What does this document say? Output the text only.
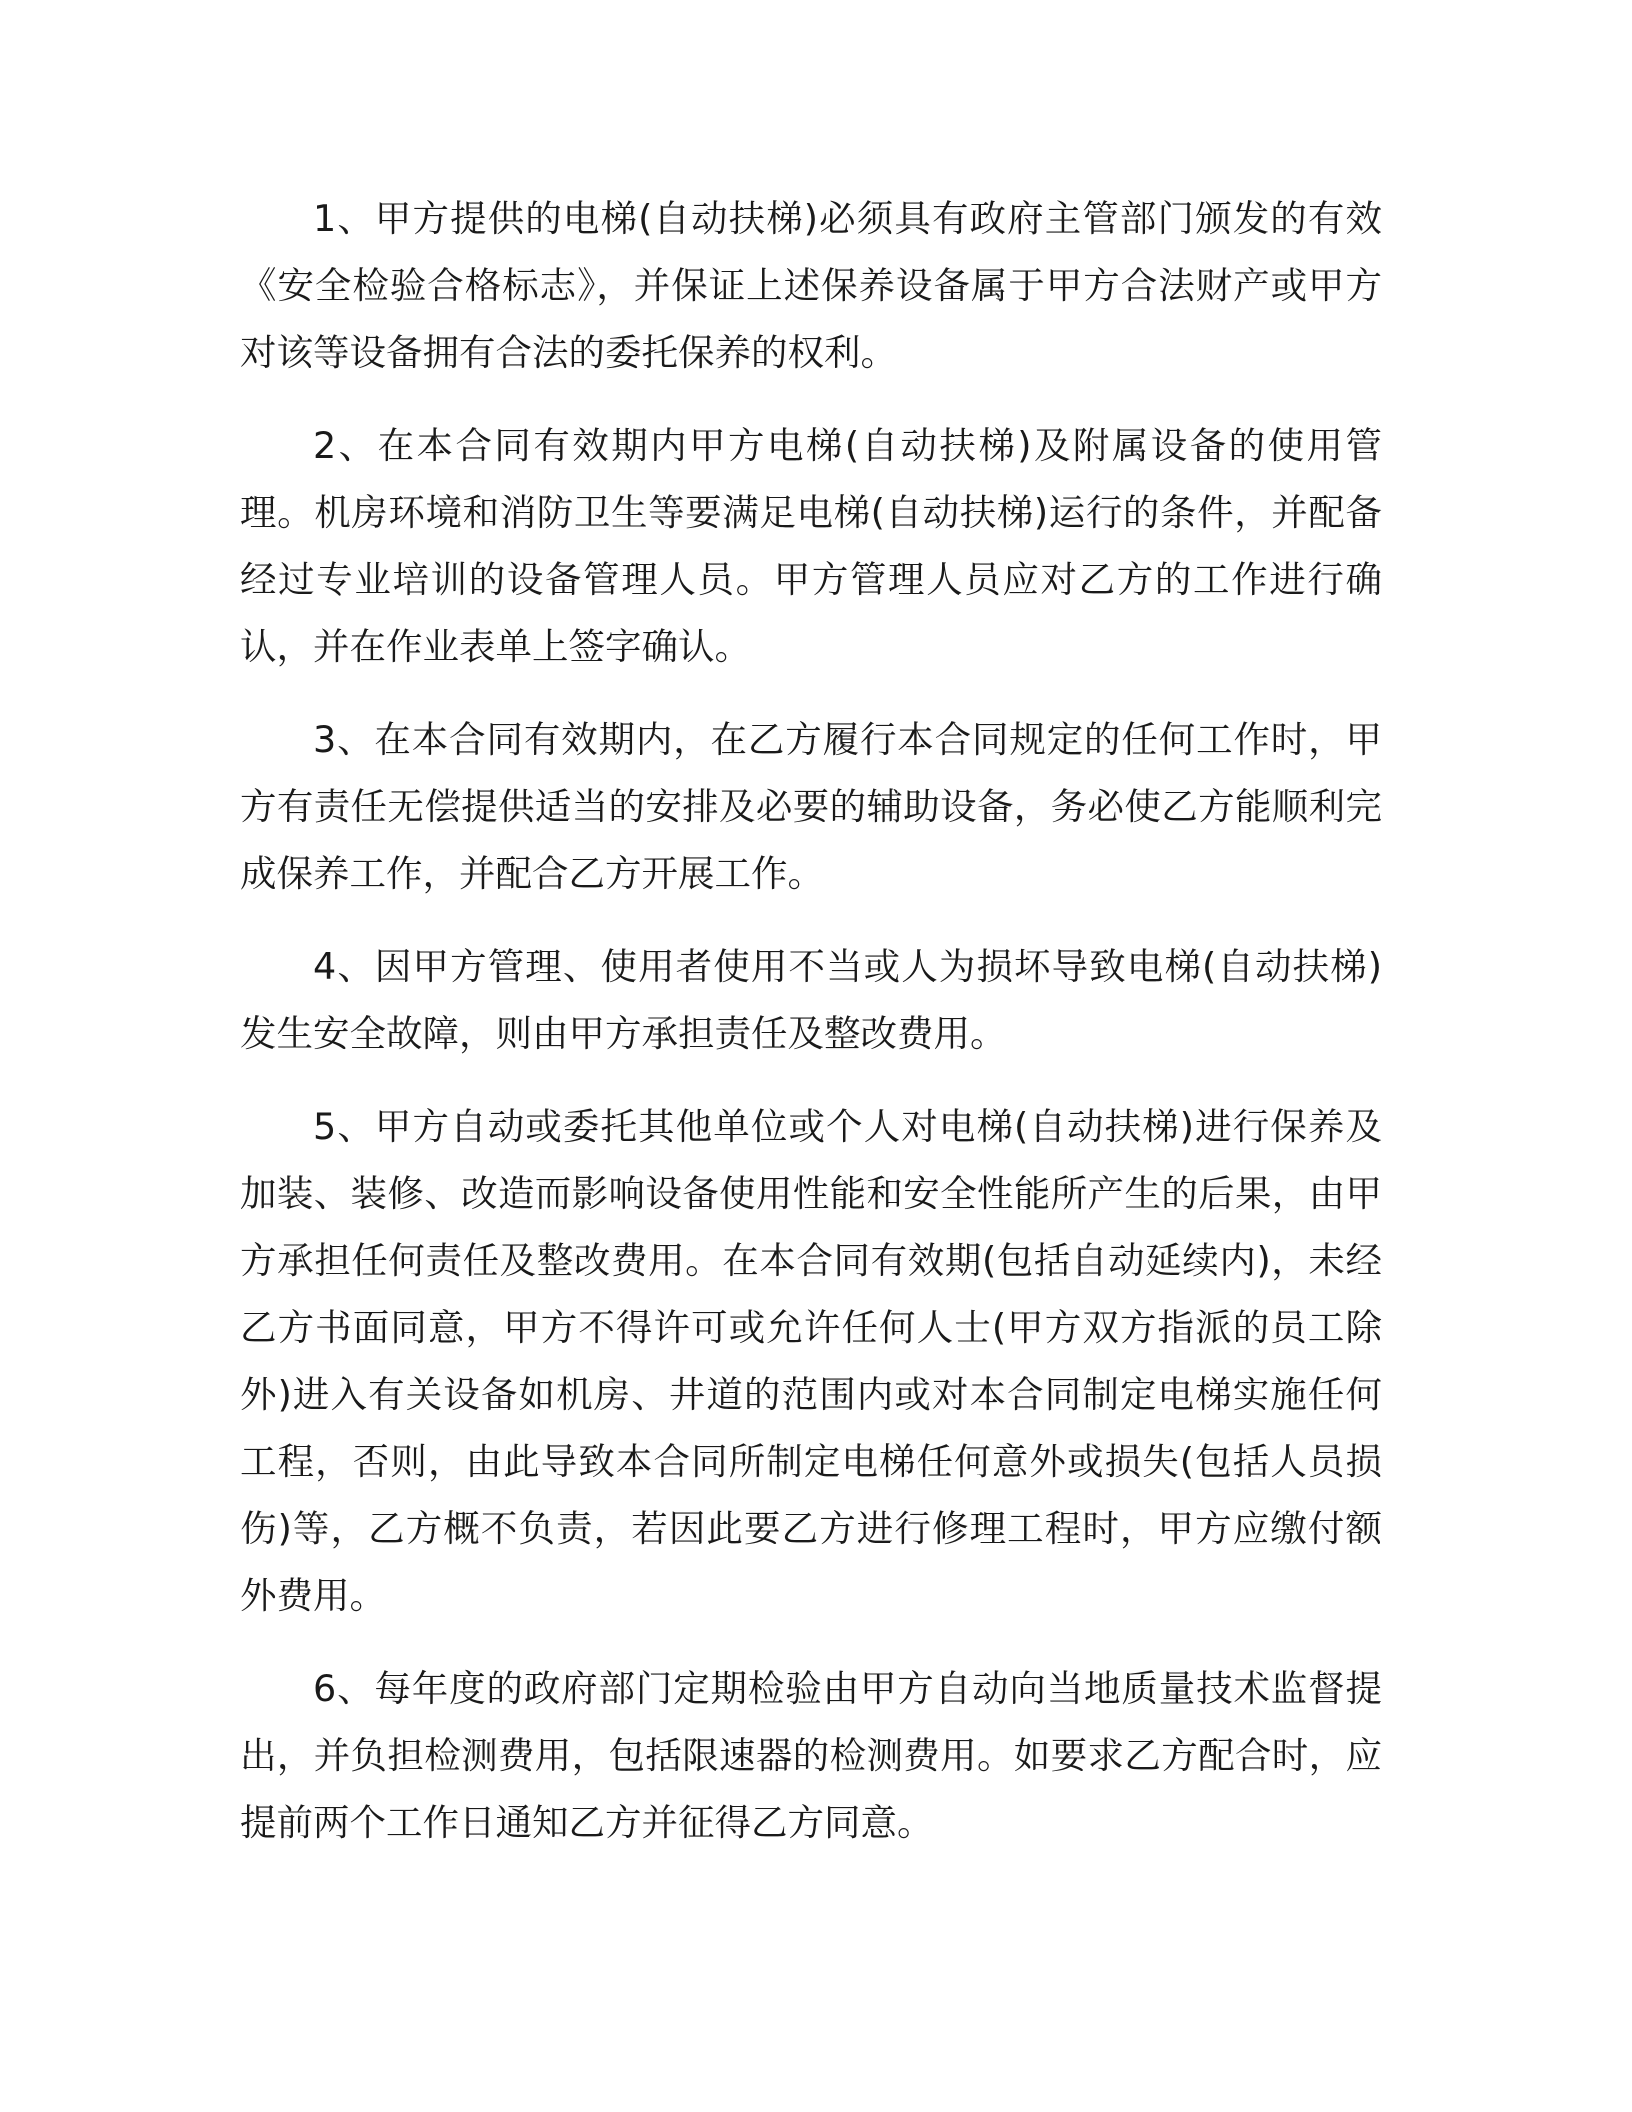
1、甲方提供的电梯(自动扶梯)必须具有政府主管部门颁发的有效《安全检验合格标志》，并保证上述保养设备属于甲方合法财产或甲方对该等设备拥有合法的委托保养的权利。

2、在本合同有效期内甲方电梯(自动扶梯)及附属设备的使用管理。机房环境和消防卫生等要满足电梯(自动扶梯)运行的条件，并配备经过专业培训的设备管理人员。甲方管理人员应对乙方的工作进行确认，并在作业表单上签字确认。

3、在本合同有效期内，在乙方履行本合同规定的任何工作时，甲方有责任无偿提供适当的安排及必要的辅助设备，务必使乙方能顺利完成保养工作，并配合乙方开展工作。

4、因甲方管理、使用者使用不当或人为损坏导致电梯(自动扶梯)发生安全故障，则由甲方承担责任及整改费用。

5、甲方自动或委托其他单位或个人对电梯(自动扶梯)进行保养及加装、装修、改造而影响设备使用性能和安全性能所产生的后果，由甲方承担任何责任及整改费用。在本合同有效期(包括自动延续内)，未经乙方书面同意，甲方不得许可或允许任何人士(甲方双方指派的员工除外)进入有关设备如机房、井道的范围内或对本合同制定电梯实施任何工程，否则，由此导致本合同所制定电梯任何意外或损失(包括人员损伤)等，乙方概不负责，若因此要乙方进行修理工程时，甲方应缴付额外费用。

6、每年度的政府部门定期检验由甲方自动向当地质量技术监督提出，并负担检测费用，包括限速器的检测费用。如要求乙方配合时，应提前两个工作日通知乙方并征得乙方同意。
